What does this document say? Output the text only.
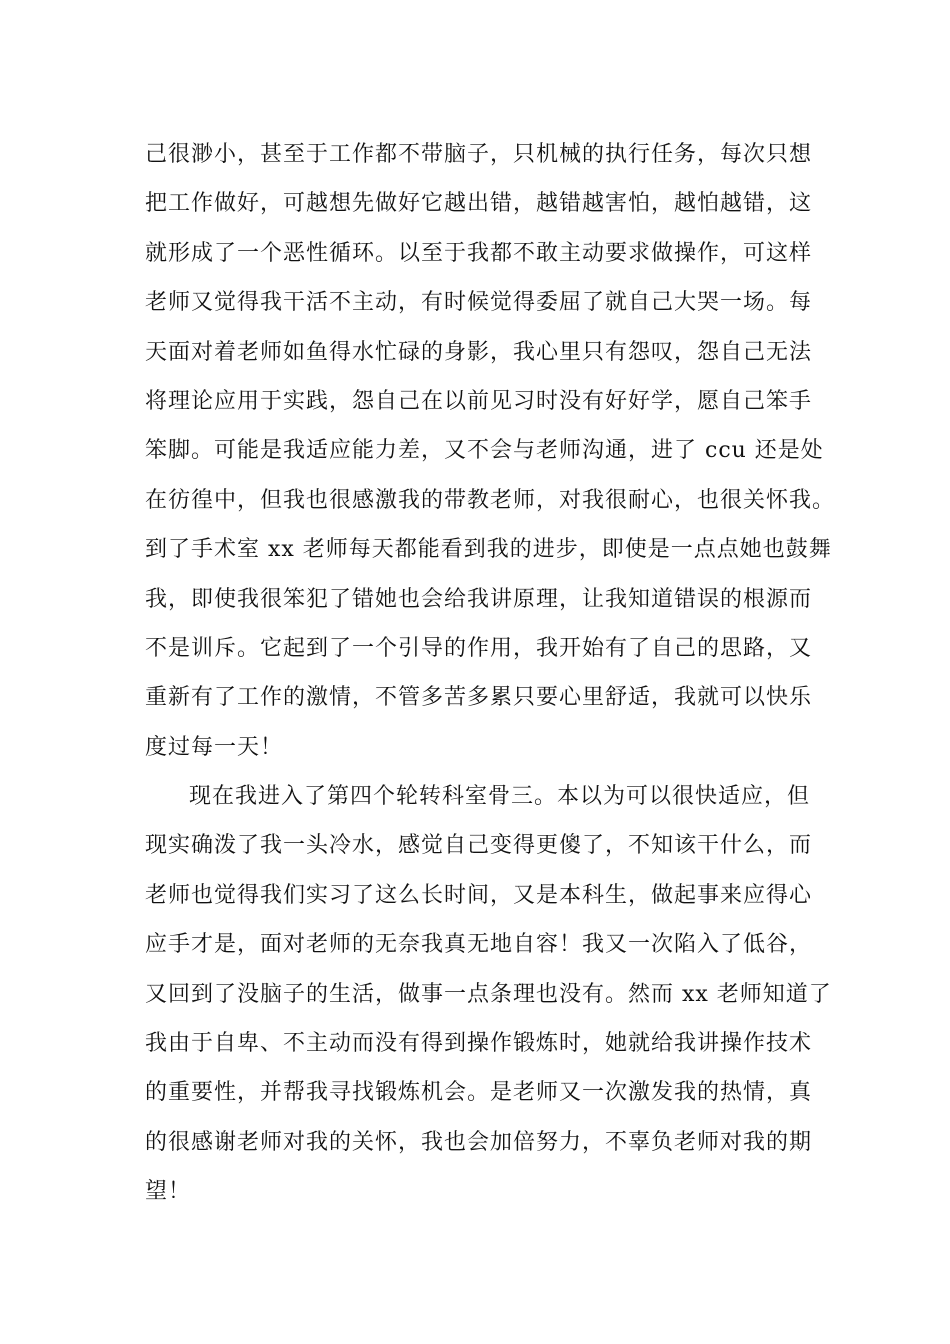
己很渺小，甚至于工作都不带脑子，只机械的执行任务，每次只想
把工作做好，可越想先做好它越出错，越错越害怕，越怕越错，这
就形成了一个恶性循环。以至于我都不敢主动要求做操作，可这样
老师又觉得我干活不主动，有时候觉得委屈了就自己大哭一场。每
天面对着老师如鱼得水忙碌的身影，我心里只有怨叹，怨自己无法
将理论应用于实践，怨自己在以前见习时没有好好学，愿自己笨手
笨脚。可能是我适应能力差，又不会与老师沟通，进了 ccu 还是处
在彷徨中，但我也很感激我的带教老师，对我很耐心，也很关怀我。
到了手术室 xx 老师每天都能看到我的进步，即使是一点点她也鼓舞
我，即使我很笨犯了错她也会给我讲原理，让我知道错误的根源而
不是训斥。它起到了一个引导的作用，我开始有了自己的思路，又
重新有了工作的激情，不管多苦多累只要心里舒适，我就可以快乐
度过每一天！
现在我进入了第四个轮转科室骨三。本以为可以很快适应，但
现实确泼了我一头冷水，感觉自己变得更傻了，不知该干什么，而
老师也觉得我们实习了这么长时间，又是本科生，做起事来应得心
应手才是，面对老师的无奈我真无地自容！我又一次陷入了低谷，
又回到了没脑子的生活，做事一点条理也没有。然而 xx 老师知道了
我由于自卑、不主动而没有得到操作锻炼时，她就给我讲操作技术
的重要性，并帮我寻找锻炼机会。是老师又一次激发我的热情，真
的很感谢老师对我的关怀，我也会加倍努力，不辜负老师对我的期
望！
